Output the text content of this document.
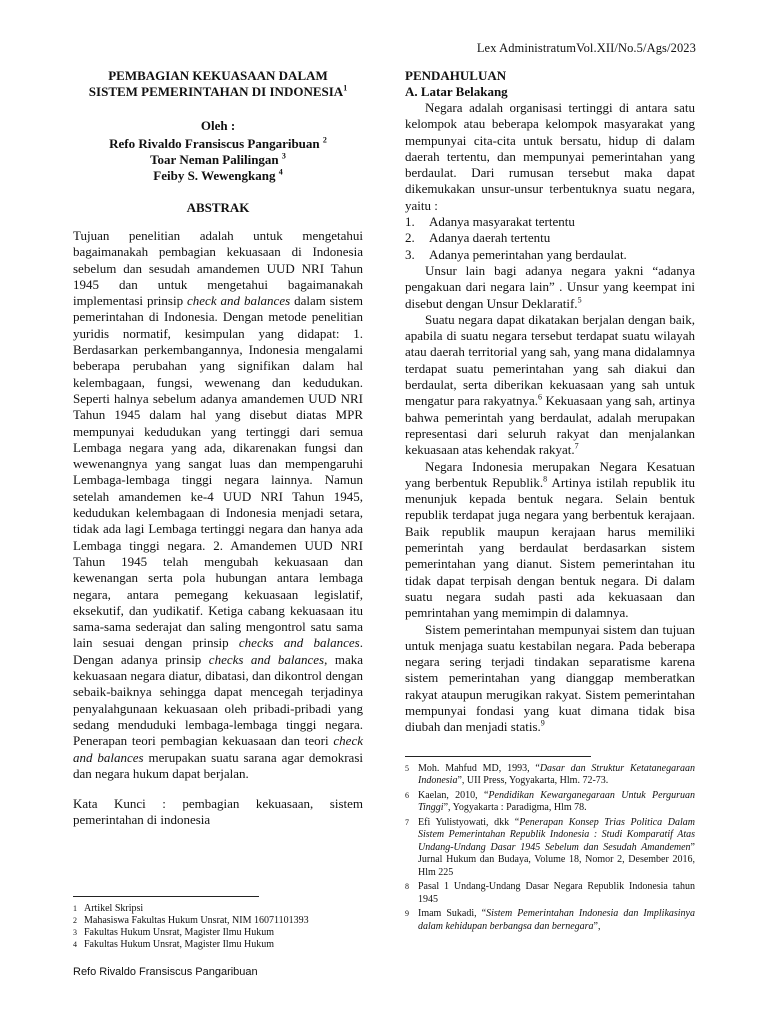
Lex AdministratumVol.XII/No.5/Ags/2023

PEMBAGIAN KEKUASAAN DALAM

SISTEM PEMERINTAHAN DI INDONESIA$^1$

Oleh :
Refo Rivaldo Fransiscus Pangaribuan $^2$
Toar Neman Palilingan $^3$
Feiby S. Wewengkang $^4$
ABSTRAK

Tujuan penelitian adalah untuk mengetahui bagaimanakah pembagian kekuasaan di Indonesia sebelum dan sesudah amandemen UUD NRI Tahun 1945 dan untuk mengetahui bagaimanakah implementasi prinsip check and balances dalam sistem pemerintahan di Indonesia. Dengan metode penelitian yuridis normatif, kesimpulan yang didapat: 1. Berdasarkan perkembangannya, Indonesia mengalami beberapa perubahan yang signifikan dalam hal kelembagaan, fungsi, wewenang dan kedudukan. Seperti halnya sebelum adanya amandemen UUD NRI Tahun 1945 dalam hal yang disebut diatas MPR mempunyai kedudukan yang tertinggi dari semua Lembaga negara yang ada, dikarenakan fungsi dan wewenangnya yang sangat luas dan mempengaruhi Lembaga-lembaga tinggi negara lainnya. Namun setelah amandemen ke-4 UUD NRI Tahun 1945, kedudukan kelembagaan di Indonesia menjadi setara, tidak ada lagi Lembaga tertinggi negara dan hanya ada Lembaga tinggi negara. 2. Amandemen UUD NRI Tahun 1945 telah mengubah kekuasaan dan kewenangan serta pola hubungan antara lembaga negara, antara pemegang kekuasaan legislatif, eksekutif, dan yudikatif. Ketiga cabang kekuasaan itu sama-sama sederajat dan saling mengontrol satu sama lain sesuai dengan prinsip checks and balances. Dengan adanya prinsip checks and balances, maka kekuasaan negara diatur, dibatasi, dan dikontrol dengan sebaik-baiknya sehingga dapat mencegah terjadinya penyalahgunaan kekuasaan oleh pribadi-pribadi yang sedang menduduki lembaga-lembaga tinggi negara. Penerapan teori pembagian kekuasaan dan teori check and balances merupakan suatu sarana agar demokrasi dan negara hukum dapat berjalan.

Kata Kunci : pembagian kekuasaan, sistem pemerintahan di indonesia

1 Artikel Skripsi
2 Mahasiswa Fakultas Hukum Unsrat, NIM 16071101393
3 Fakultas Hukum Unsrat, Magister Ilmu Hukum
4 Fakultas Hukum Unsrat, Magister Ilmu Hukum

PENDAHULUAN

A. Latar Belakang

Negara adalah organisasi tertinggi di antara satu kelompok atau beberapa kelompok masyarakat yang mempunyai cita-cita untuk bersatu, hidup di dalam daerah tertentu, dan mempunyai pemerintahan yang berdaulat. Dari rumusan tersebut maka dapat dikemukakan unsur-unsur terbentuknya suatu negara, yaitu :

1.	Adanya masyarakat tertentu
2.	Adanya daerah tertentu
3.	Adanya pemerintahan yang berdaulat.

Unsur lain bagi adanya negara yakni “adanya pengakuan dari negara lain” . Unsur yang keempat ini disebut dengan Unsur Deklaratif.$^5$

Suatu negara dapat dikatakan berjalan dengan baik, apabila di suatu negara tersebut terdapat suatu wilayah atau daerah territorial yang sah, yang mana didalamnya terdapat suatu pemerintahan yang sah diakui dan berdaulat, serta diberikan kekuasaan yang sah untuk mengatur para rakyatnya.$^6$ Kekuasaan yang sah, artinya bahwa pemerintah yang berdaulat, adalah merupakan representasi dari seluruh rakyat dan menjalankan kekuasaan atas kehendak rakyat.$^7$

Negara Indonesia merupakan Negara Kesatuan yang berbentuk Republik.$^8$ Artinya istilah republik itu menunjuk kepada bentuk negara. Selain bentuk republik terdapat juga negara yang berbentuk kerajaan. Baik republik maupun kerajaan harus memiliki pemerintah yang berdaulat berdasarkan sistem pemerintahan yang dianut. Sistem pemerintahan itu tidak dapat terpisah dengan bentuk negara. Di dalam suatu negara sudah pasti ada kekuasaan dan pemrintahan yang memimpin di dalamnya.

Sistem pemerintahan mempunyai sistem dan tujuan untuk menjaga suatu kestabilan negara. Pada beberapa negara sering terjadi tindakan separatisme karena sistem pemerintahan yang dianggap memberatkan rakyat ataupun merugikan rakyat. Sistem pemerintahan mempunyai fondasi yang kuat dimana tidak bisa diubah dan menjadi statis.$^9$

5 Moh. Mahfud MD, 1993, “Dasar dan Struktur Ketatanegaraan Indonesia”, UII Press, Yogyakarta, Hlm. 72-73.
6 Kaelan, 2010, “Pendidikan Kewarganegaraan Untuk Perguruan Tinggi”, Yogyakarta : Paradigma, Hlm 78.
7 Efi Yulistyowati, dkk “Penerapan Konsep Trias Politica Dalam Sistem Pemerintahan Republik Indonesia : Studi Komparatif Atas Undang-Undang Dasar 1945 Sebelum dan Sesudah Amandemen” Jurnal Hukum dan Budaya, Volume 18, Nomor 2, Desember 2016, Hlm 225
8 Pasal 1 Undang-Undang Dasar Negara Republik Indonesia tahun 1945
9 Imam Sukadi, “Sistem Pemerintahan Indonesia dan Implikasinya dalam kehidupan berbangsa dan bernegara”,
Refo Rivaldo Fransiscus Pangaribuan
